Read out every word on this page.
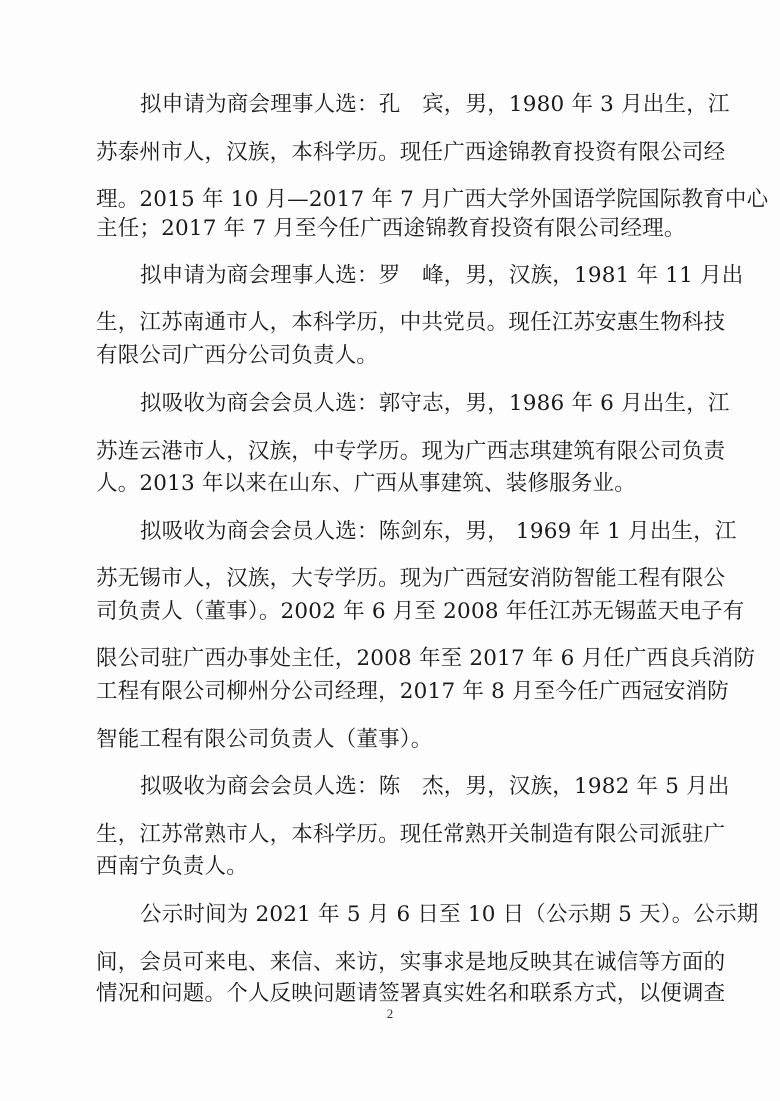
拟申请为商会理事人选：孔　宾，男，1980 年 3 月出生，江
苏泰州市人，汉族，本科学历。现任广西途锦教育投资有限公司经
理。2015 年 10 月—2017 年 7 月广西大学外国语学院国际教育中心
主任；2017 年 7 月至今任广西途锦教育投资有限公司经理。
拟申请为商会理事人选：罗　峰，男，汉族，1981 年 11 月出
生，江苏南通市人，本科学历，中共党员。现任江苏安惠生物科技
有限公司广西分公司负责人。
拟吸收为商会会员人选：郭守志，男，1986 年 6 月出生，江
苏连云港市人，汉族，中专学历。现为广西志琪建筑有限公司负责
人。2013 年以来在山东、广西从事建筑、装修服务业。
拟吸收为商会会员人选：陈剑东，男， 1969 年 1 月出生，江
苏无锡市人，汉族，大专学历。现为广西冠安消防智能工程有限公
司负责人（董事）。2002 年 6 月至 2008 年任江苏无锡蓝天电子有
限公司驻广西办事处主任，2008 年至 2017 年 6 月任广西良兵消防
工程有限公司柳州分公司经理，2017 年 8 月至今任广西冠安消防
智能工程有限公司负责人（董事）。
拟吸收为商会会员人选：陈　杰，男，汉族，1982 年 5 月出
生，江苏常熟市人，本科学历。现任常熟开关制造有限公司派驻广
西南宁负责人。
公示时间为 2021 年 5 月 6 日至 10 日（公示期 5 天）。公示期
间，会员可来电、来信、来访，实事求是地反映其在诚信等方面的
情况和问题。个人反映问题请签署真实姓名和联系方式，以便调查
2
